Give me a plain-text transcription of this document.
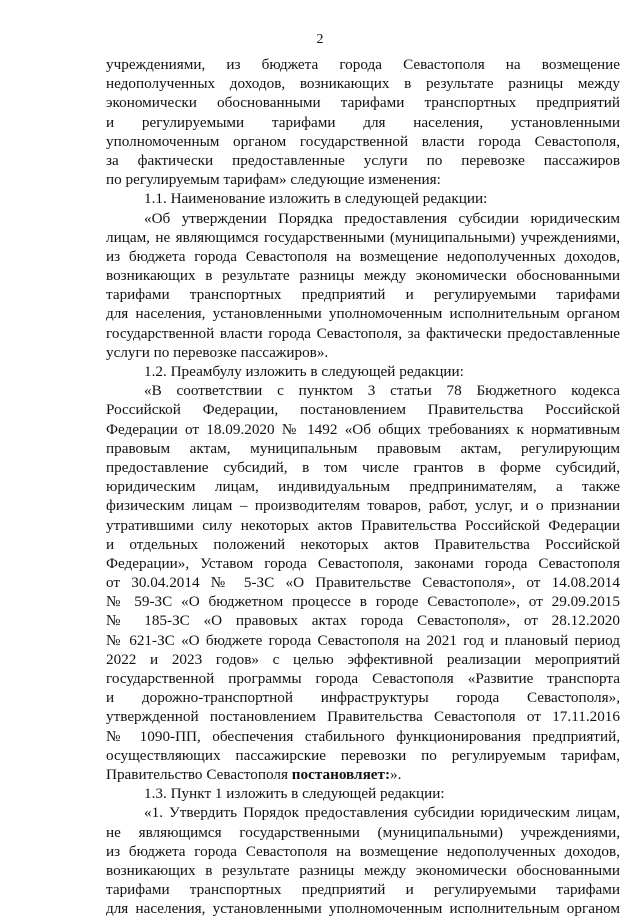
2
учреждениями, из бюджета города Севастополя на возмещение
недополученных доходов, возникающих в результате разницы между
экономически обоснованными тарифами транспортных предприятий
и регулируемыми тарифами для населения, установленными
уполномоченным органом государственной власти города Севастополя,
за фактически предоставленные услуги по перевозке пассажиров
по регулируемым тарифам» следующие изменения:
1.1. Наименование изложить в следующей редакции:
«Об утверждении Порядка предоставления субсидии юридическим
лицам, не являющимся государственными (муниципальными) учреждениями,
из бюджета города Севастополя на возмещение недополученных доходов,
возникающих в результате разницы между экономически обоснованными
тарифами транспортных предприятий и регулируемыми тарифами
для населения, установленными уполномоченным исполнительным органом
государственной власти города Севастополя, за фактически предоставленные
услуги по перевозке пассажиров».
1.2. Преамбулу изложить в следующей редакции:
«В соответствии с пунктом 3 статьи 78 Бюджетного кодекса
Российской Федерации, постановлением Правительства Российской
Федерации от 18.09.2020 № 1492 «Об общих требованиях к нормативным
правовым актам, муниципальным правовым актам, регулирующим
предоставление субсидий, в том числе грантов в форме субсидий,
юридическим лицам, индивидуальным предпринимателям, а также
физическим лицам – производителям товаров, работ, услуг, и о признании
утратившими силу некоторых актов Правительства Российской Федерации
и отдельных положений некоторых актов Правительства Российской
Федерации», Уставом города Севастополя, законами города Севастополя
от 30.04.2014 № 5-ЗС «О Правительстве Севастополя», от 14.08.2014
№ 59-ЗС «О бюджетном процессе в городе Севастополе», от 29.09.2015
№ 185-ЗС «О правовых актах города Севастополя», от 28.12.2020
№ 621-ЗС «О бюджете города Севастополя на 2021 год и плановый период
2022 и 2023 годов» с целью эффективной реализации мероприятий
государственной программы города Севастополя «Развитие транспорта
и дорожно-транспортной инфраструктуры города Севастополя»,
утвержденной постановлением Правительства Севастополя от 17.11.2016
№ 1090-ПП, обеспечения стабильного функционирования предприятий,
осуществляющих пассажирские перевозки по регулируемым тарифам,
Правительство Севастополя постановляет:».
1.3. Пункт 1 изложить в следующей редакции:
«1. Утвердить Порядок предоставления субсидии юридическим лицам,
не являющимся государственными (муниципальными) учреждениями,
из бюджета города Севастополя на возмещение недополученных доходов,
возникающих в результате разницы между экономически обоснованными
тарифами транспортных предприятий и регулируемыми тарифами
для населения, установленными уполномоченным исполнительным органом
